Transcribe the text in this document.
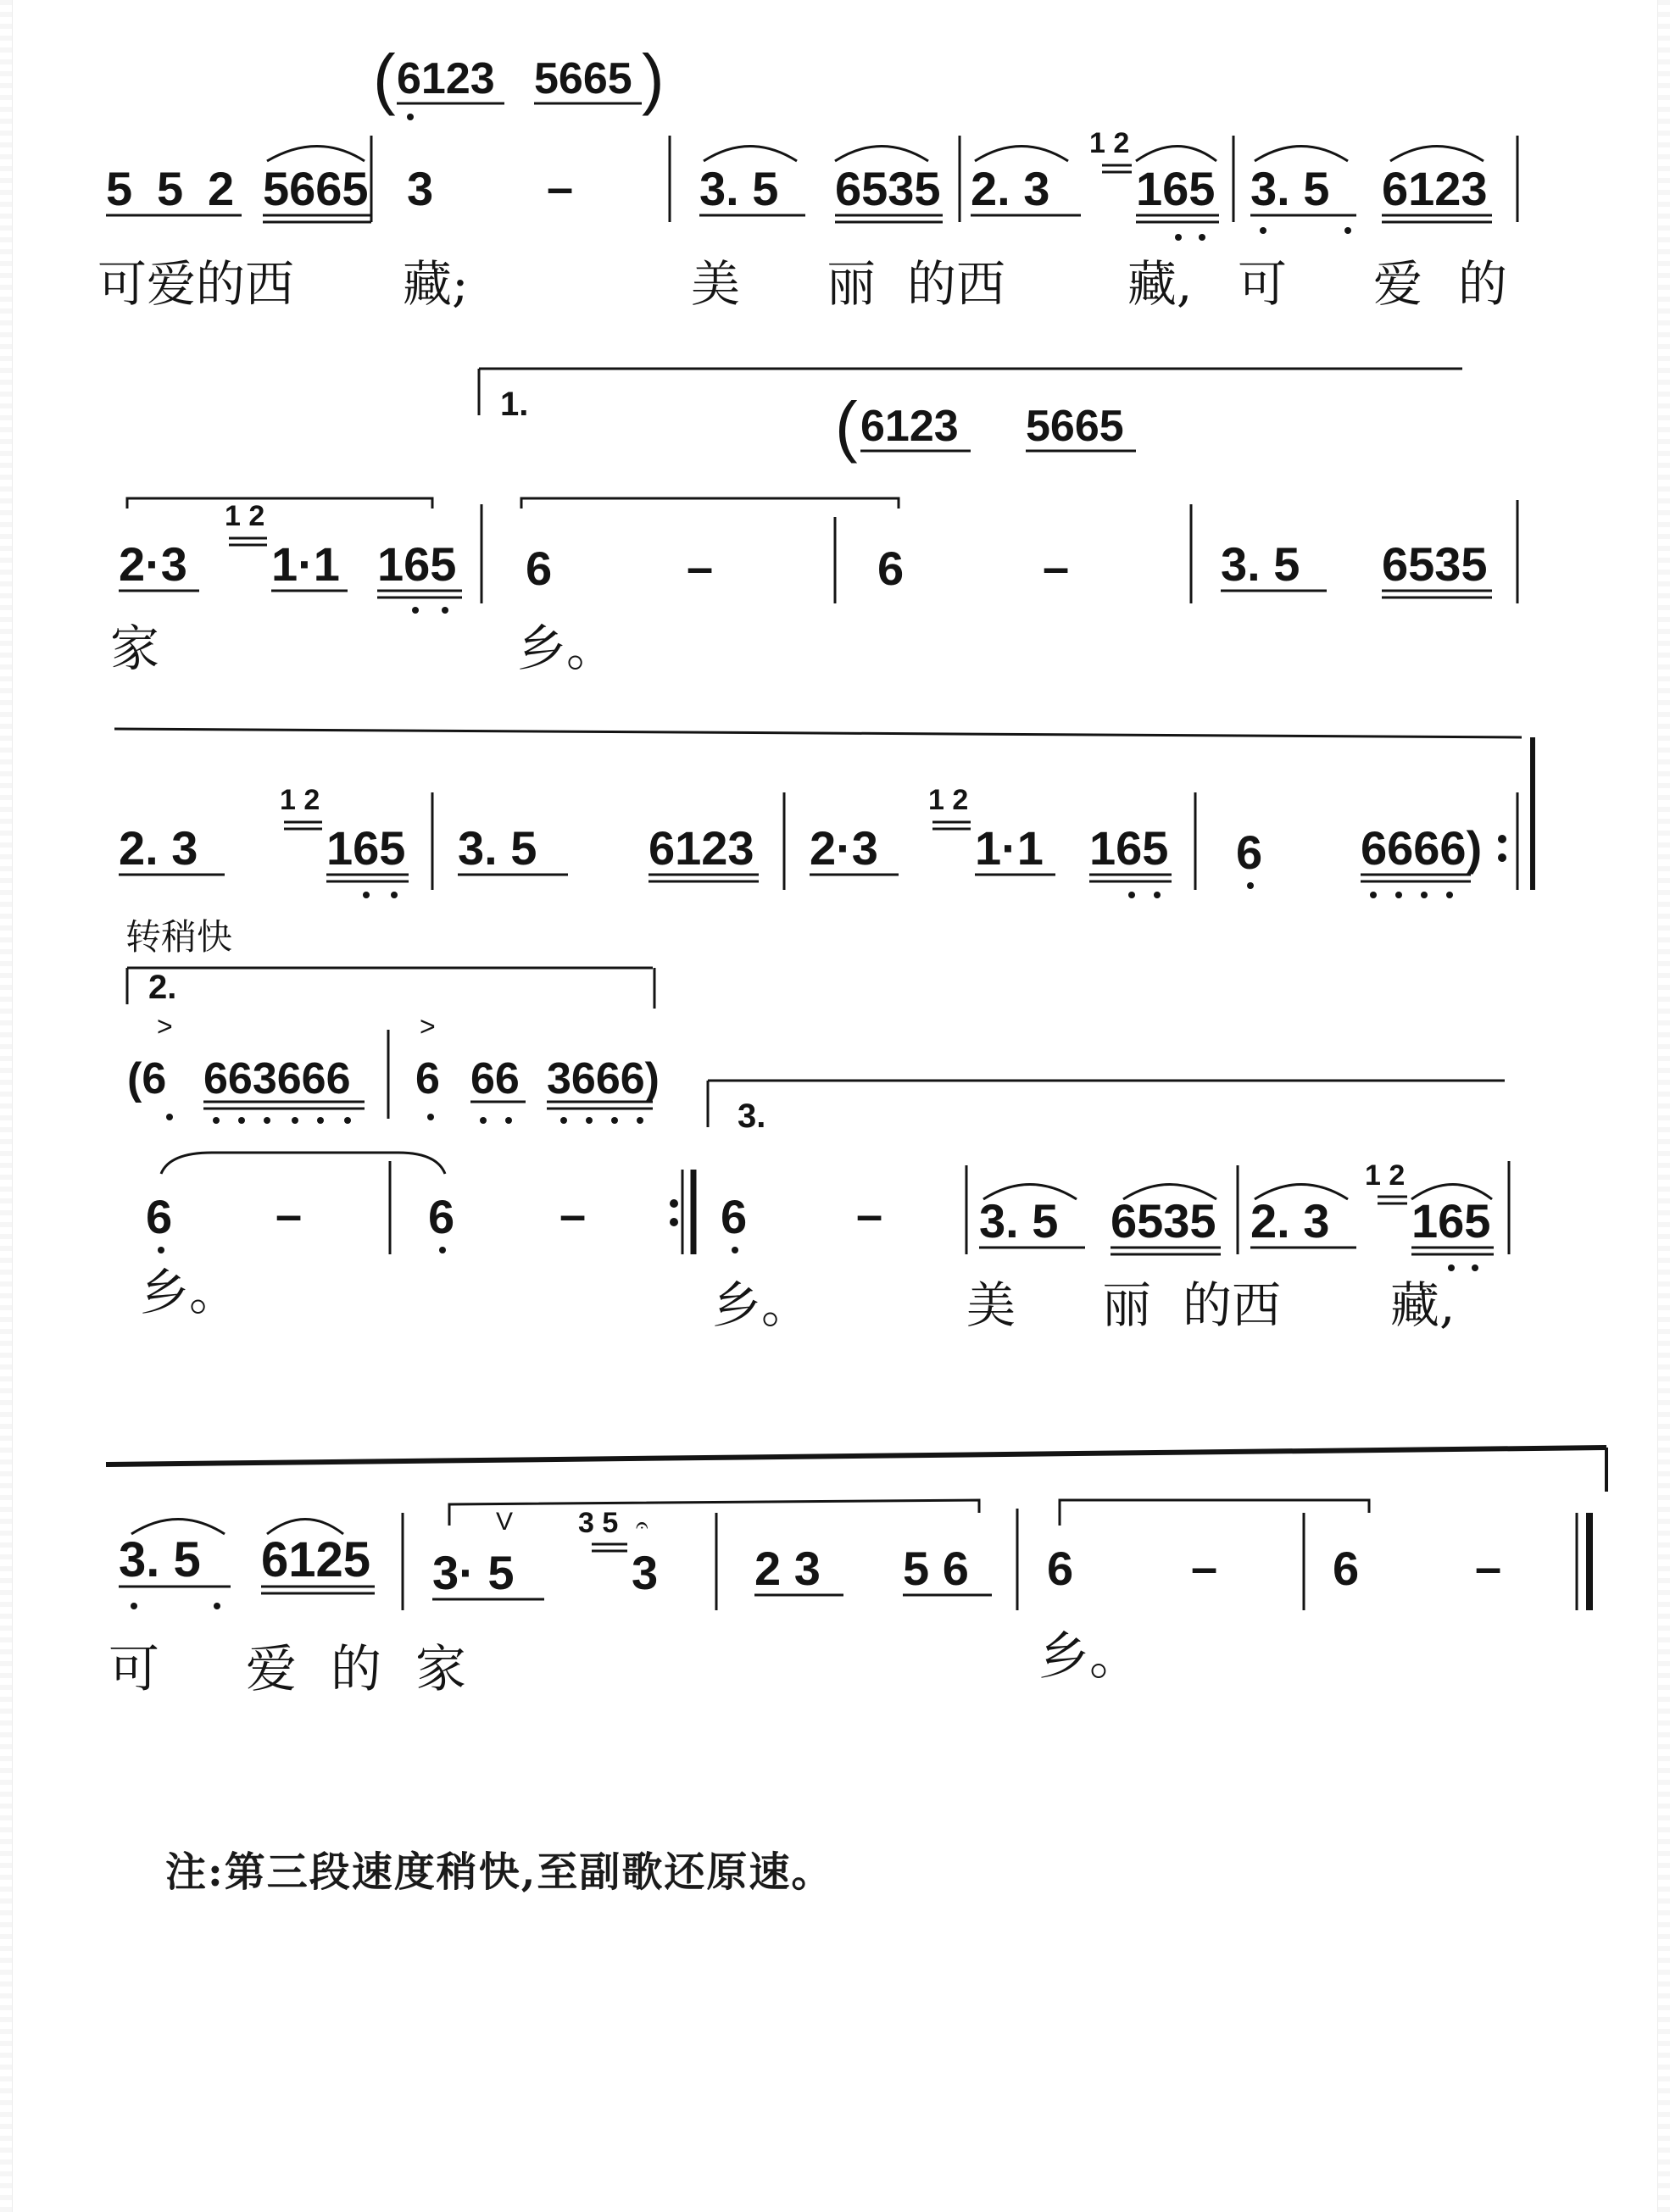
( 6123 5665 )
5 5 2 5665 3 –	3. 5 6535 2. 3
1 2
165 3. 5 6123
可爱的西 藏;	美 丽 的西 藏, 可 爱 的
1.	( 6123 5665
2·3
1 2
1·1 165 6	–	6	–	3. 5 6535
家	乡。
2. 3
1 2
165 3. 5 6123 2·3
1 2
1·1 165 6 6666)
转稍快
2.
>	>
(6 663666 6 66 3666)
3.
6 –	6 –	6 – 3. 5 6535 2. 3
1 2
165
乡。	乡。	美 丽 的西 藏,
3. 5 6125
V
3· 5
3 5 𝄐
3 2 3 5 6 6 – 6 –
可 爱 的 家	乡。
注:第三段速度稍快,至副歌还原速。
